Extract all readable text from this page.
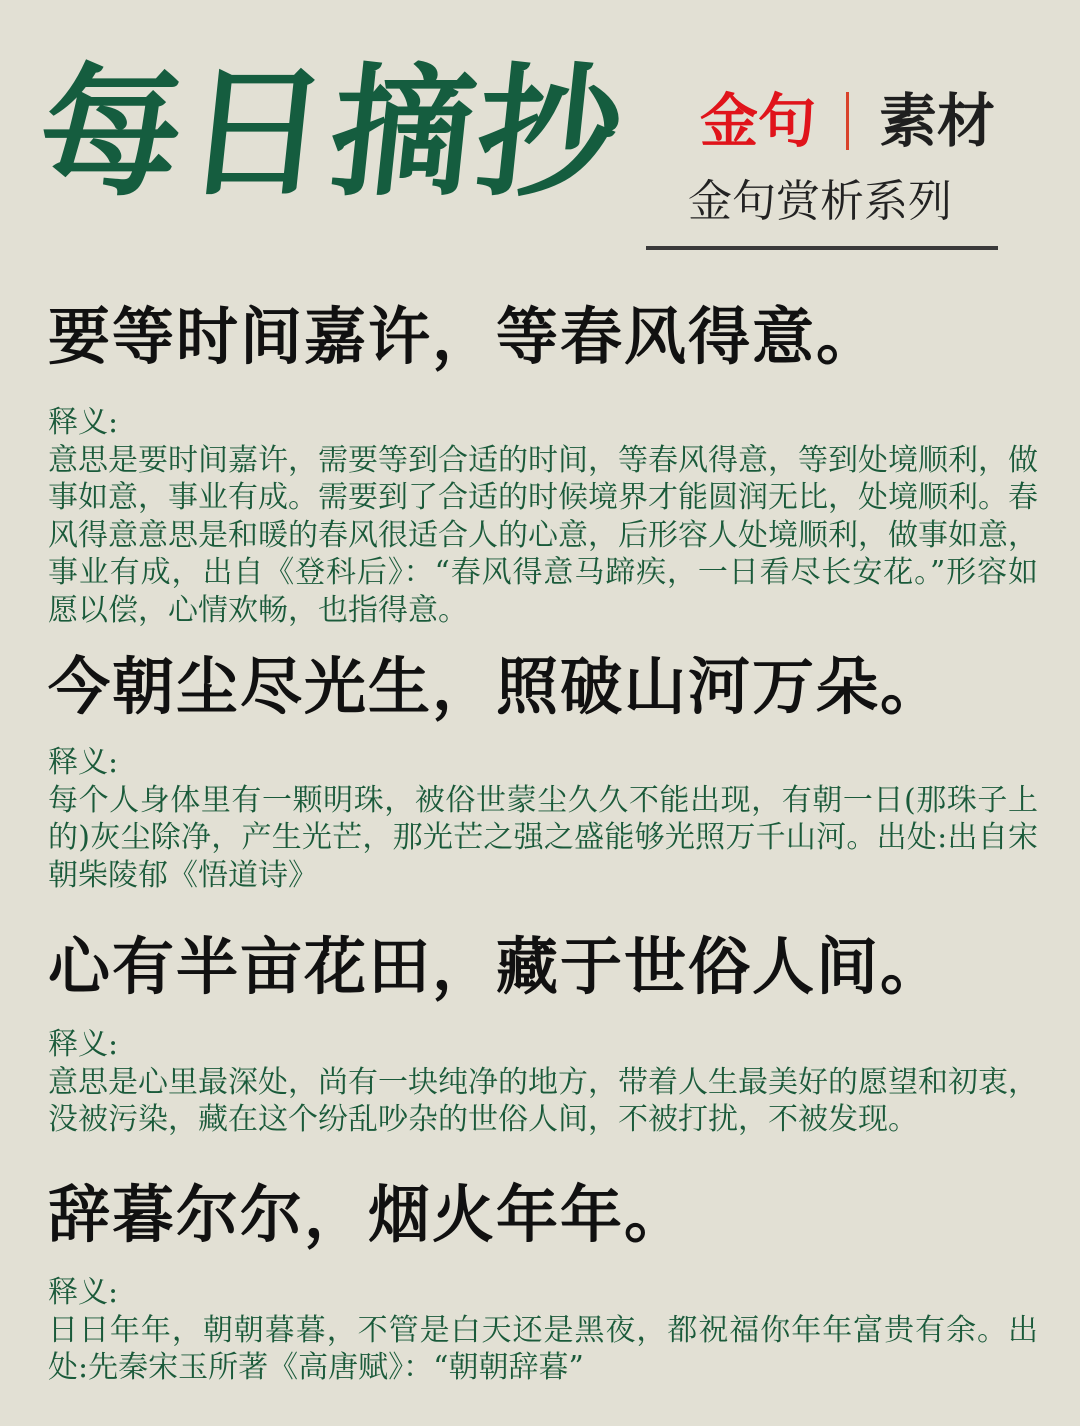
每日摘抄 金句 素材
金句赏析系列
要等时间嘉许，等春风得意。
释义:
意思是要时间嘉许，需要等到合适的时间，等春风得意，等到处境顺利，做事如意，事业有成。需要到了合适的时候境界才能圆润无比，处境顺利。春风得意意思是和暖的春风很适合人的心意，后形容人处境顺利，做事如意，事业有成，出自《登科后》：“春风得意马蹄疾，一日看尽长安花。”形容如愿以偿，心情欢畅，也指得意。
今朝尘尽光生，照破山河万朵。
释义:
每个人身体里有一颗明珠，被俗世蒙尘久久不能出现，有朝一日(那珠子上的)灰尘除净，产生光芒，那光芒之强之盛能够光照万千山河。出处:出自宋朝柴陵郁《悟道诗》
心有半亩花田，藏于世俗人间。
释义:
意思是心里最深处，尚有一块纯净的地方，带着人生最美好的愿望和初衷，没被污染，藏在这个纷乱吵杂的世俗人间，不被打扰，不被发现。
辞暮尔尔，烟火年年。
释义:
日日年年，朝朝暮暮，不管是白天还是黑夜，都祝福你年年富贵有余。出处:先秦宋玉所著《高唐赋》：“朝朝辞暮”
